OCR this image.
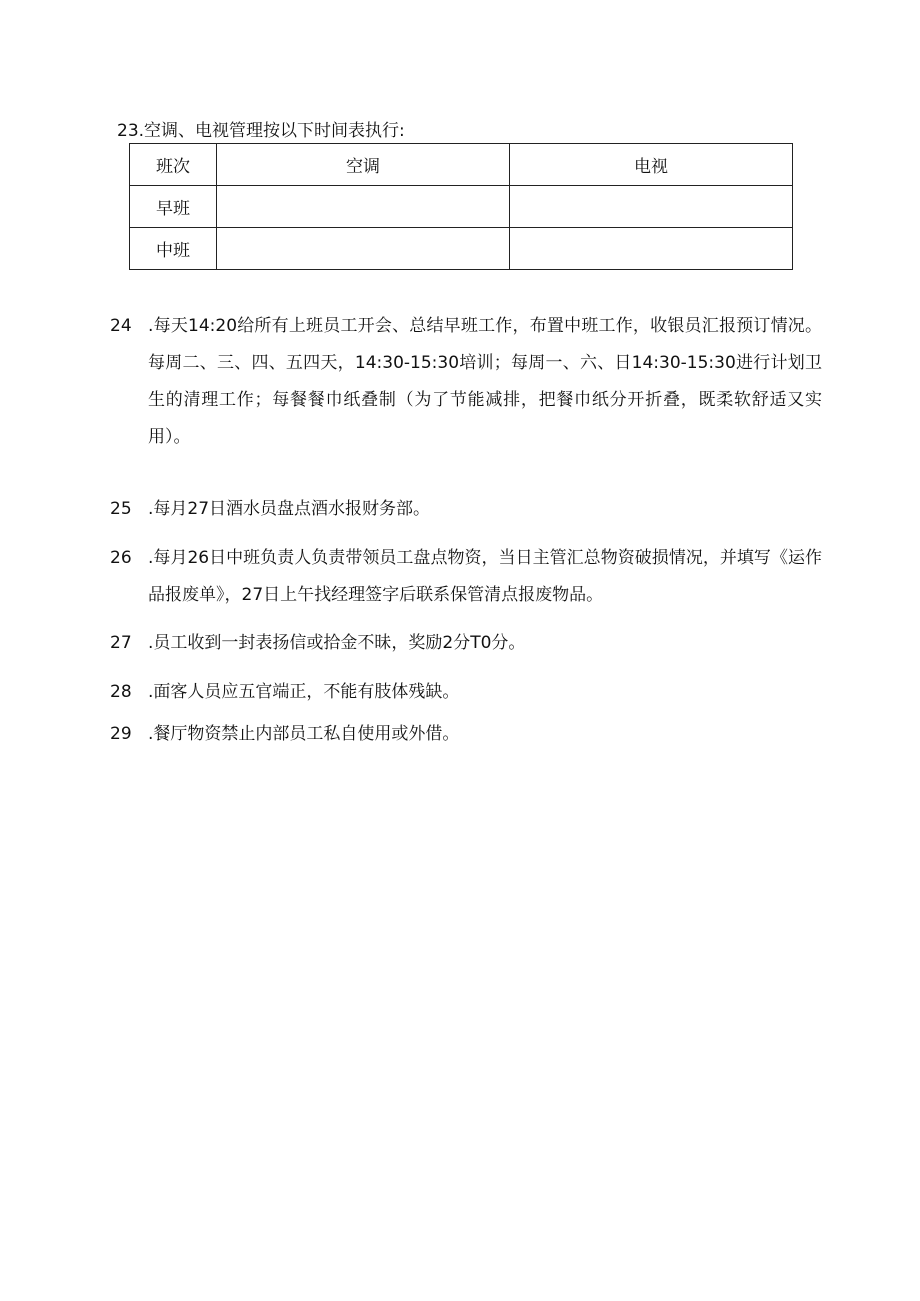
23.空调、电视管理按以下时间表执行:
班次	空调	电视
早班		
中班		
24 .每天14:20给所有上班员工开会、总结早班工作，布置中班工作，收银员汇报预订情况。每周二、三、四、五四天，14:30-15:30培训；每周一、六、日14:30-15:30进行计划卫生的清理工作；每餐餐巾纸叠制（为了节能减排，把餐巾纸分开折叠，既柔软舒适又实用）。
25 .每月27日酒水员盘点酒水报财务部。
26 .每月26日中班负责人负责带领员工盘点物资，当日主管汇总物资破损情况，并填写《运作品报废单》，27日上午找经理签字后联系保管清点报废物品。
27 .员工收到一封表扬信或拾金不昧，奖励2分T0分。
28 .面客人员应五官端正，不能有肢体残缺。
29 .餐厅物资禁止内部员工私自使用或外借。
